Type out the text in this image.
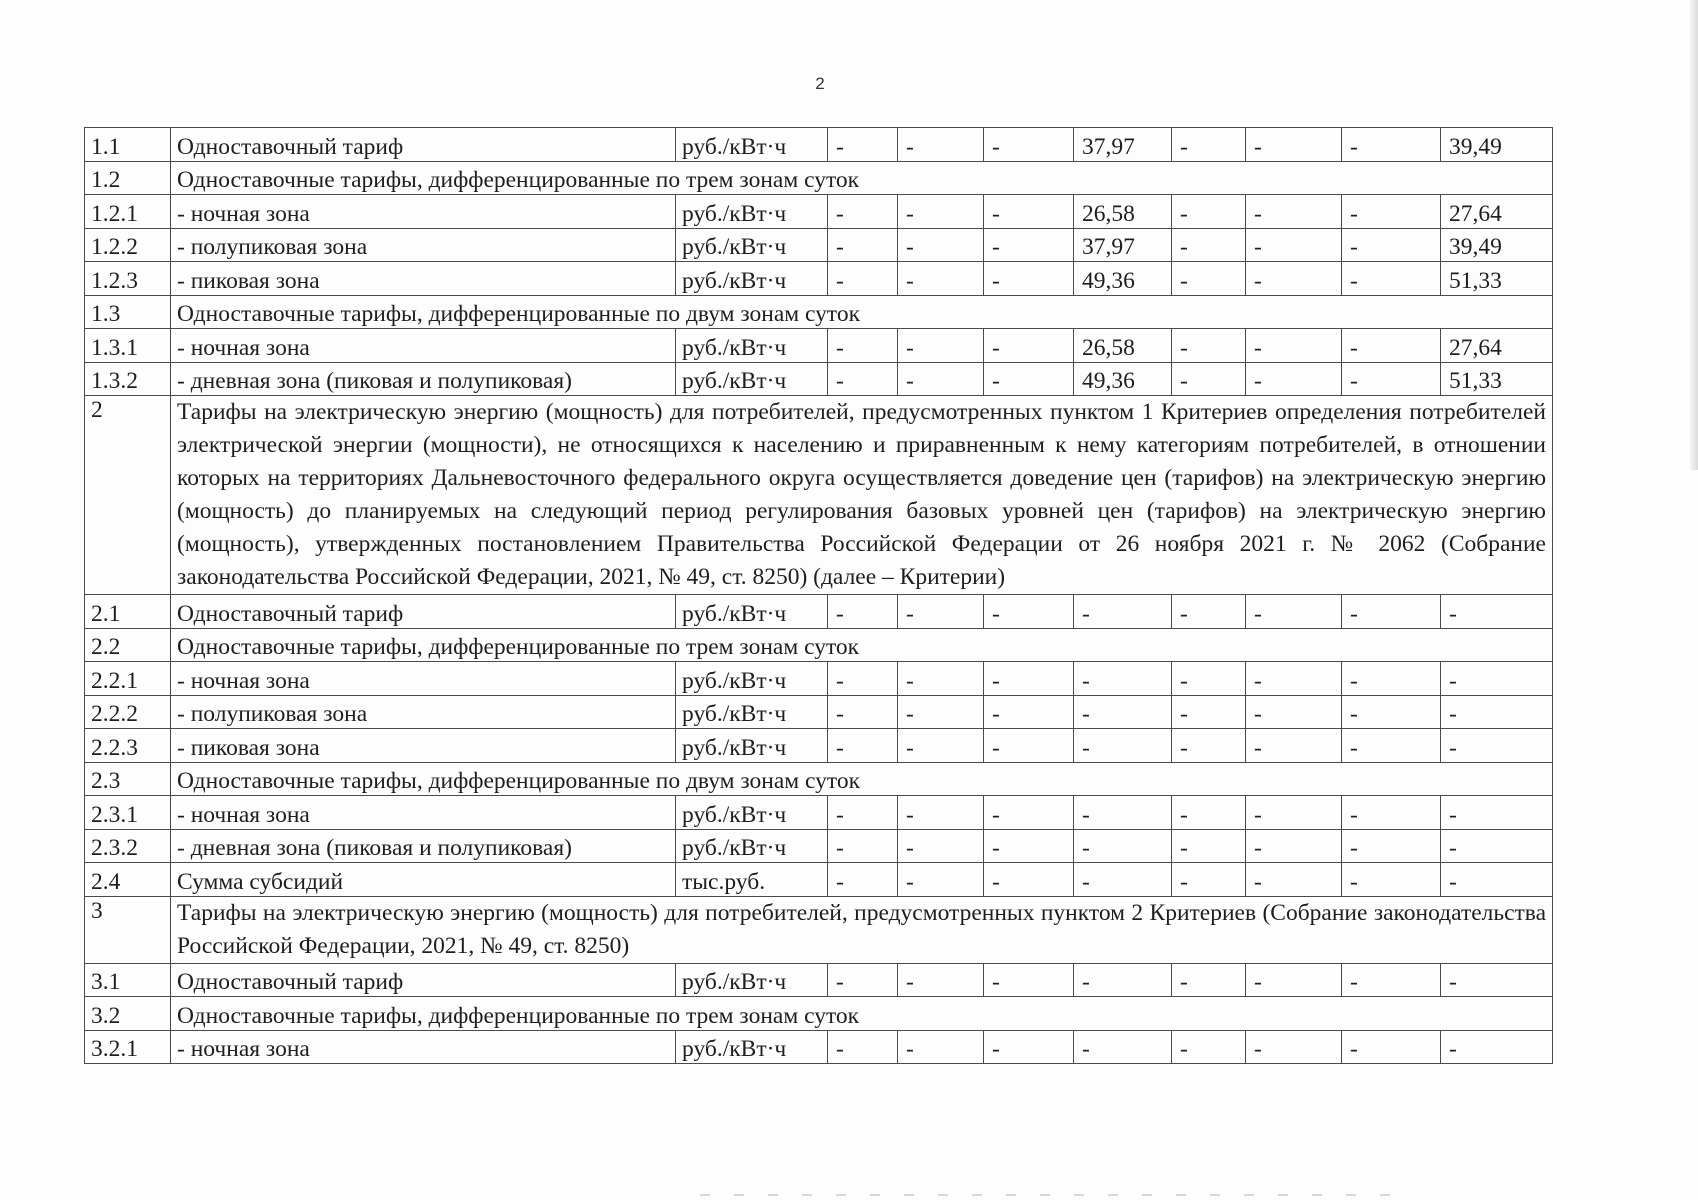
2
1.1	Одноставочный тариф	руб./кВт·ч	-	-	-	37,97	-	-	-	39,49
1.2	Одноставочные тарифы, дифференцированные по трем зонам суток									
1.2.1	- ночная зона	руб./кВт·ч	-	-	-	26,58	-	-	-	27,64
1.2.2	- полупиковая зона	руб./кВт·ч	-	-	-	37,97	-	-	-	39,49
1.2.3	- пиковая зона	руб./кВт·ч	-	-	-	49,36	-	-	-	51,33
1.3	Одноставочные тарифы, дифференцированные по двум зонам суток									
1.3.1	- ночная зона	руб./кВт·ч	-	-	-	26,58	-	-	-	27,64
1.3.2	- дневная зона (пиковая и полупиковая)	руб./кВт·ч	-	-	-	49,36	-	-	-	51,33
2	Тарифы на электрическую энергию (мощность) для потребителей, предусмотренных пунктом 1 Критериев определения потребителей электрической энергии (мощности), не относящихся к населению и приравненным к нему категориям потребителей, в отношении которых на территориях Дальневосточного федерального округа осуществляется доведение цен (тарифов) на электрическую энергию (мощность) до планируемых на следующий период регулирования базовых уровней цен (тарифов) на электрическую энергию (мощность), утвержденных постановлением Правительства Российской Федерации от 26 ноября 2021 г. № 2062 (Собрание законодательства Российской Федерации, 2021, № 49, ст. 8250) (далее – Критерии)									
2.1	Одноставочный тариф	руб./кВт·ч	-	-	-	-	-	-	-	-
2.2	Одноставочные тарифы, дифференцированные по трем зонам суток									
2.2.1	- ночная зона	руб./кВт·ч	-	-	-	-	-	-	-	-
2.2.2	- полупиковая зона	руб./кВт·ч	-	-	-	-	-	-	-	-
2.2.3	- пиковая зона	руб./кВт·ч	-	-	-	-	-	-	-	-
2.3	Одноставочные тарифы, дифференцированные по двум зонам суток									
2.3.1	- ночная зона	руб./кВт·ч	-	-	-	-	-	-	-	-
2.3.2	- дневная зона (пиковая и полупиковая)	руб./кВт·ч	-	-	-	-	-	-	-	-
2.4	Сумма субсидий	тыс.руб.	-	-	-	-	-	-	-	-
3	Тарифы на электрическую энергию (мощность) для потребителей, предусмотренных пунктом 2 Критериев (Собрание законодательства Российской Федерации, 2021, № 49, ст. 8250)									
3.1	Одноставочный тариф	руб./кВт·ч	-	-	-	-	-	-	-	-
3.2	Одноставочные тарифы, дифференцированные по трем зонам суток									
3.2.1	- ночная зона	руб./кВт·ч	-	-	-	-	-	-	-	-
